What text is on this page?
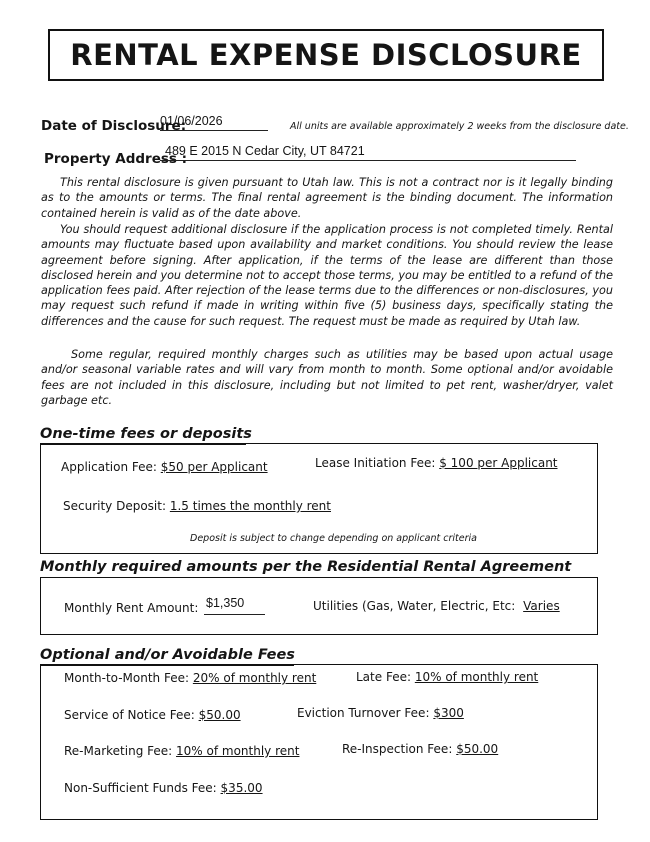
RENTAL EXPENSE DISCLOSURE
Date of Disclosure:
01/06/2026	All units are available approximately 2 weeks from the disclosure date.
Property Address :
489 E 2015 N Cedar City, UT 84721

This rental disclosure is given pursuant to Utah law. This is not a contract nor is it legally binding as to the amounts or terms. The final rental agreement is the binding document. The information contained herein is valid as of the date above.

You should request additional disclosure if the application process is not completed timely. Rental amounts may fluctuate based upon availability and market conditions. You should review the lease agreement before signing. After application, if the terms of the lease are different than those disclosed herein and you determine not to accept those terms, you may be entitled to a refund of the application fees paid. After rejection of the lease terms due to the differences or non-disclosures, you may request such refund if made in writing within five (5) business days, specifically stating the differences and the cause for such request. The request must be made as required by Utah law.

Some regular, required monthly charges such as utilities may be based upon actual usage and/or seasonal variable rates and will vary from month to month. Some optional and/or avoidable fees are not included in this disclosure, including but not limited to pet rent, washer/dryer, valet garbage etc.

One-time fees or deposits
Application Fee: $50 per Applicant	Lease Initiation Fee: $ 100 per Applicant
Security Deposit: 1.5 times the monthly rent
Deposit is subject to change depending on applicant criteria
Monthly required amounts per the Residential Rental Agreement
Monthly Rent Amount: $1,350	Utilities (Gas, Water, Electric, Etc: Varies
Optional and/or Avoidable Fees
Month-to-Month Fee: 20% of monthly rent	Late Fee: 10% of monthly rent
Service of Notice Fee: $50.00	Eviction Turnover Fee: $300
Re-Marketing Fee: 10% of monthly rent	Re-Inspection Fee: $50.00
Non-Sufficient Funds Fee: $35.00
